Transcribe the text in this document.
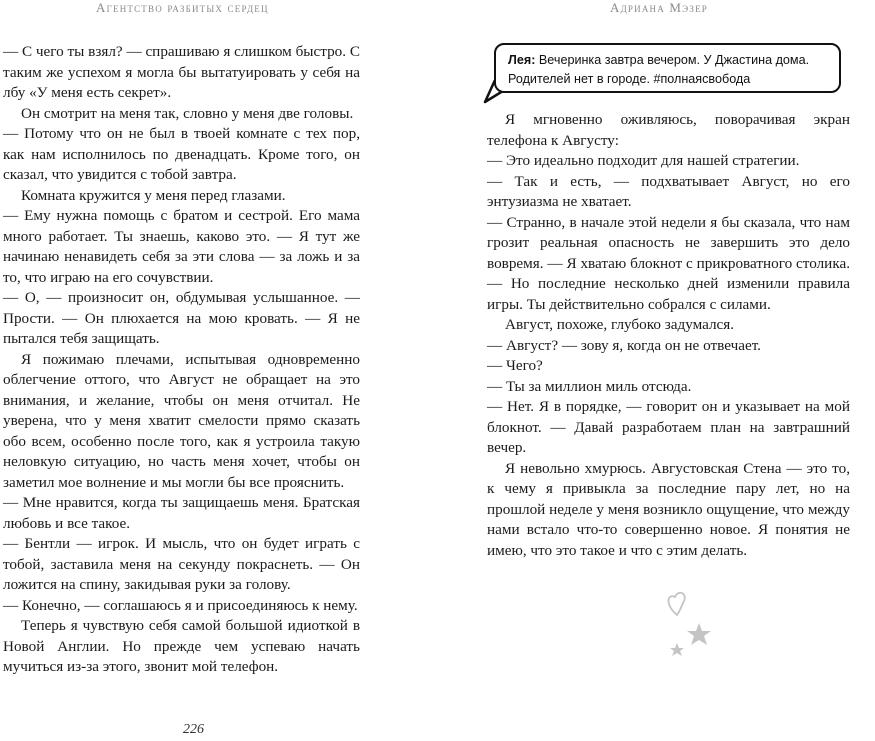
Агентство разбитых сердец

— С чего ты взял? — спрашиваю я слишком быстро. С таким же успехом я могла бы вытатуировать у себя на лбу «У меня есть секрет».

Он смотрит на меня так, словно у меня две головы.

— Потому что он не был в твоей комнате с тех пор, как нам исполнилось по двенадцать. Кроме того, он сказал, что увидится с тобой завтра.

Комната кружится у меня перед глазами.

— Ему нужна помощь с братом и сестрой. Его мама много работает. Ты знаешь, каково это. — Я тут же начинаю ненавидеть себя за эти слова — за ложь и за то, что играю на его сочувствии.

— О, — произносит он, обдумывая услышанное. — Прости. — Он плюхается на мою кровать. — Я не пытался тебя защищать.

Я пожимаю плечами, испытывая одновременно облегчение оттого, что Август не обращает на это внимания, и желание, чтобы он меня отчитал. Не уверена, что у меня хватит смелости прямо сказать обо всем, особенно после того, как я устроила такую неловкую ситуацию, но часть меня хочет, чтобы он заметил мое волнение и мы могли бы все прояснить.

— Мне нравится, когда ты защищаешь меня. Братская любовь и все такое.

— Бентли — игрок. И мысль, что он будет играть с тобой, заставила меня на секунду покраснеть. — Он ложится на спину, закидывая руки за голову.

— Конечно, — соглашаюсь я и присоединяюсь к нему.

Теперь я чувствую себя самой большой идиоткой в Новой Англии. Но прежде чем успеваю начать мучиться из-за этого, звонит мой телефон.

226
Адриана Мэзер
Лея: Вечеринка завтра вечером. У Джастина дома. Родителей нет в городе. #полнаясвобода

Я мгновенно оживляюсь, поворачивая экран телефона к Августу:

— Это идеально подходит для нашей стратегии.

— Так и есть, — подхватывает Август, но его энтузиазма не хватает.

— Странно, в начале этой недели я бы сказала, что нам грозит реальная опасность не завершить это дело вовремя. — Я хватаю блокнот с прикроватного столика. — Но последние несколько дней изменили правила игры. Ты действительно собрался с силами.

Август, похоже, глубоко задумался.

— Август? — зову я, когда он не отвечает.

— Чего?

— Ты за миллион миль отсюда.

— Нет. Я в порядке, — говорит он и указывает на мой блокнот. — Давай разработаем план на завтрашний вечер.

Я невольно хмурюсь. Августовская Стена — это то, к чему я привыкла за последние пару лет, но на прошлой неделе у меня возникло ощущение, что между нами встало что-то совершенно новое. Я понятия не имею, что это такое и что с этим делать.
